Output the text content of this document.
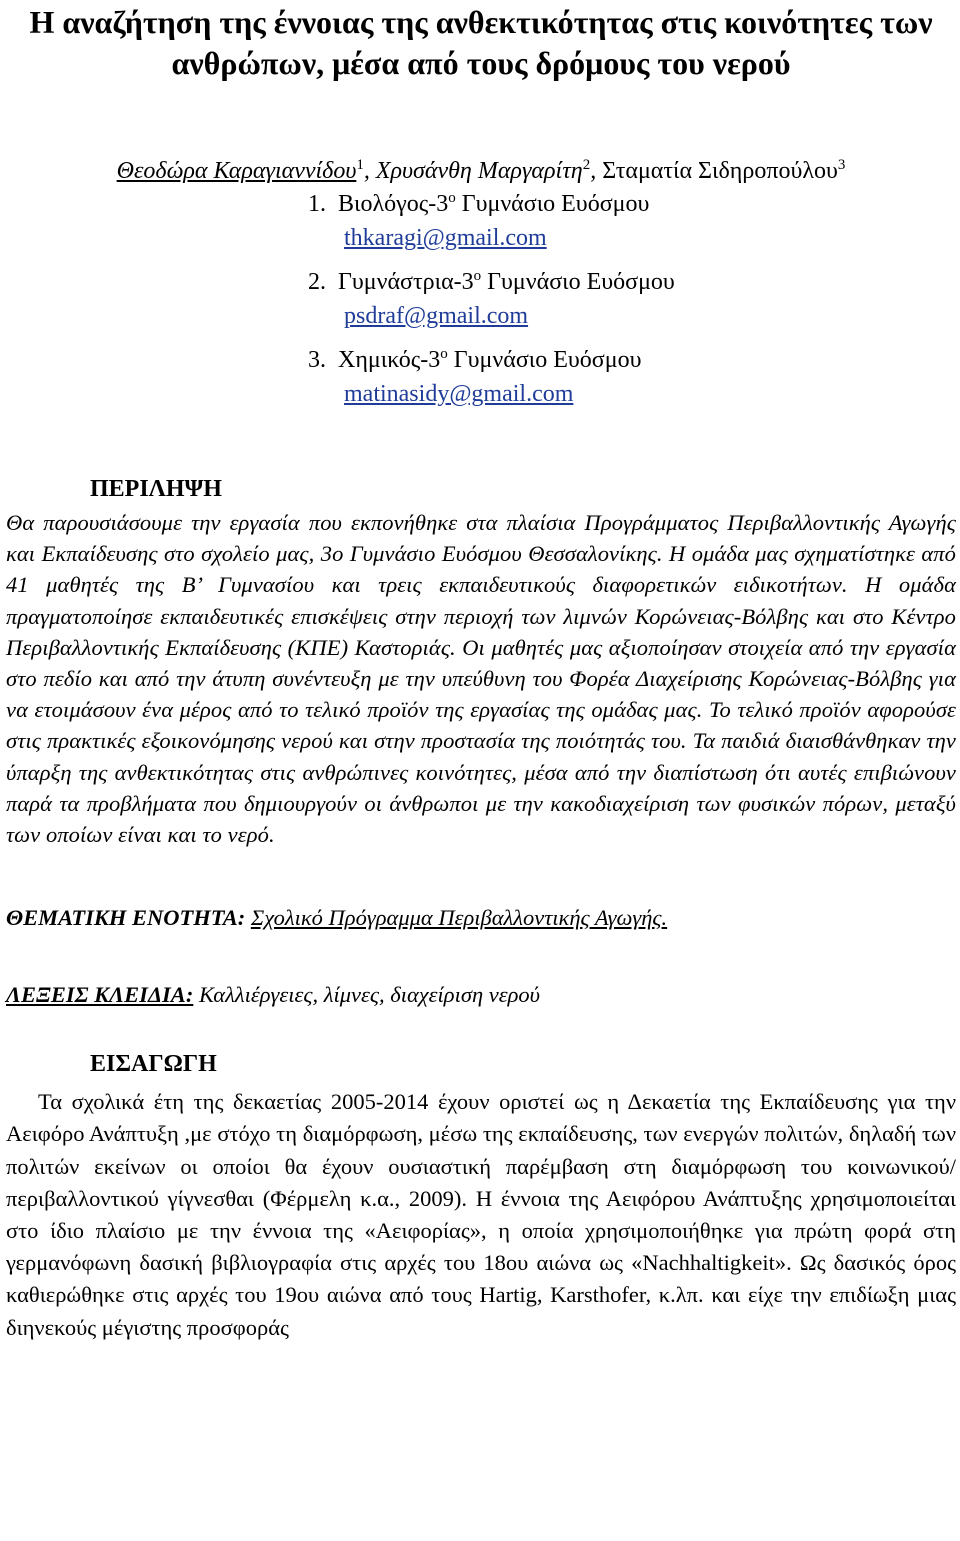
Η αναζήτηση της έννοιας της ανθεκτικότητας στις κοινότητες των ανθρώπων, μέσα από τους δρόμους του νερού

Θεοδώρα Καραγιαννίδου$^1$, Χρυσάνθη Μαργαρίτη$^2$, Σταματία Σιδηροπούλου$^3$

1. Βιολόγος-$3^o$ Γυμνάσιο Ευόσμου
thkaragi@gmail.com
2. Γυμνάστρια-$3^o$ Γυμνάσιο Ευόσμου
psdraf@gmail.com
3. Χημικός-$3^o$ Γυμνάσιο Ευόσμου
matinasidy@gmail.com
ΠΕΡΙΛΗΨΗ

Θα παρουσιάσουμε την εργασία που εκπονήθηκε στα πλαίσια Προγράμματος Περιβαλλοντικής Αγωγής και Εκπαίδευσης στο σχολείο μας, 3ο Γυμνάσιο Ευόσμου Θεσσαλονίκης. Η ομάδα μας σχηματίστηκε από 41 μαθητές της Β’ Γυμνασίου και τρεις εκπαιδευτικούς διαφορετικών ειδικοτήτων. Η ομάδα πραγματοποίησε εκπαιδευτικές επισκέψεις στην περιοχή των λιμνών Κορώνειας-Βόλβης και στο Κέντρο Περιβαλλοντικής Εκπαίδευσης (ΚΠΕ) Καστοριάς. Οι μαθητές μας αξιοποίησαν στοιχεία από την εργασία στο πεδίο και από την άτυπη συνέντευξη με την υπεύθυνη του Φορέα Διαχείρισης Κορώνειας-Βόλβης για να ετοιμάσουν ένα μέρος από το τελικό προϊόν της εργασίας της ομάδας μας. Το τελικό προϊόν αφορούσε στις πρακτικές εξοικονόμησης νερού και στην προστασία της ποιότητάς του. Τα παιδιά διαισθάνθηκαν την ύπαρξη της ανθεκτικότητας στις ανθρώπινες κοινότητες, μέσα από την διαπίστωση ότι αυτές επιβιώνουν παρά τα προβλήματα που δημιουργούν οι άνθρωποι με την κακοδιαχείριση των φυσικών πόρων, μεταξύ των οποίων είναι και το νερό.

ΘΕΜΑΤΙΚΗ ΕΝΟΤΗΤΑ: Σχολικό Πρόγραμμα Περιβαλλοντικής Αγωγής.

ΛΕΞΕΙΣ ΚΛΕΙΔΙΑ: Καλλιέργειες, λίμνες, διαχείριση νερού

ΕΙΣΑΓΩΓΗ

Τα σχολικά έτη της δεκαετίας 2005-2014 έχουν οριστεί ως η Δεκαετία της Εκπαίδευσης για την Αειφόρο Ανάπτυξη ,με στόχο τη διαμόρφωση, μέσω της εκπαίδευσης, των ενεργών πολιτών, δηλαδή των πολιτών εκείνων οι οποίοι θα έχουν ουσιαστική παρέμβαση στη διαμόρφωση του κοινωνικού/περιβαλλοντικού γίγνεσθαι (Φέρμελη κ.α., 2009). Η έννοια της Αειφόρου Ανάπτυξης χρησιμοποιείται στο ίδιο πλαίσιο με την έννοια της «Αειφορίας», η οποία χρησιμοποιήθηκε για πρώτη φορά στη γερμανόφωνη δασική βιβλιογραφία στις αρχές του 18ου αιώνα ως «Nachhaltigkeit». Ως δασικός όρος καθιερώθηκε στις αρχές του 19ου αιώνα από τους Hartig, Karsthofer, κ.λπ. και είχε την επιδίωξη μιας διηνεκούς μέγιστης προσφοράς
